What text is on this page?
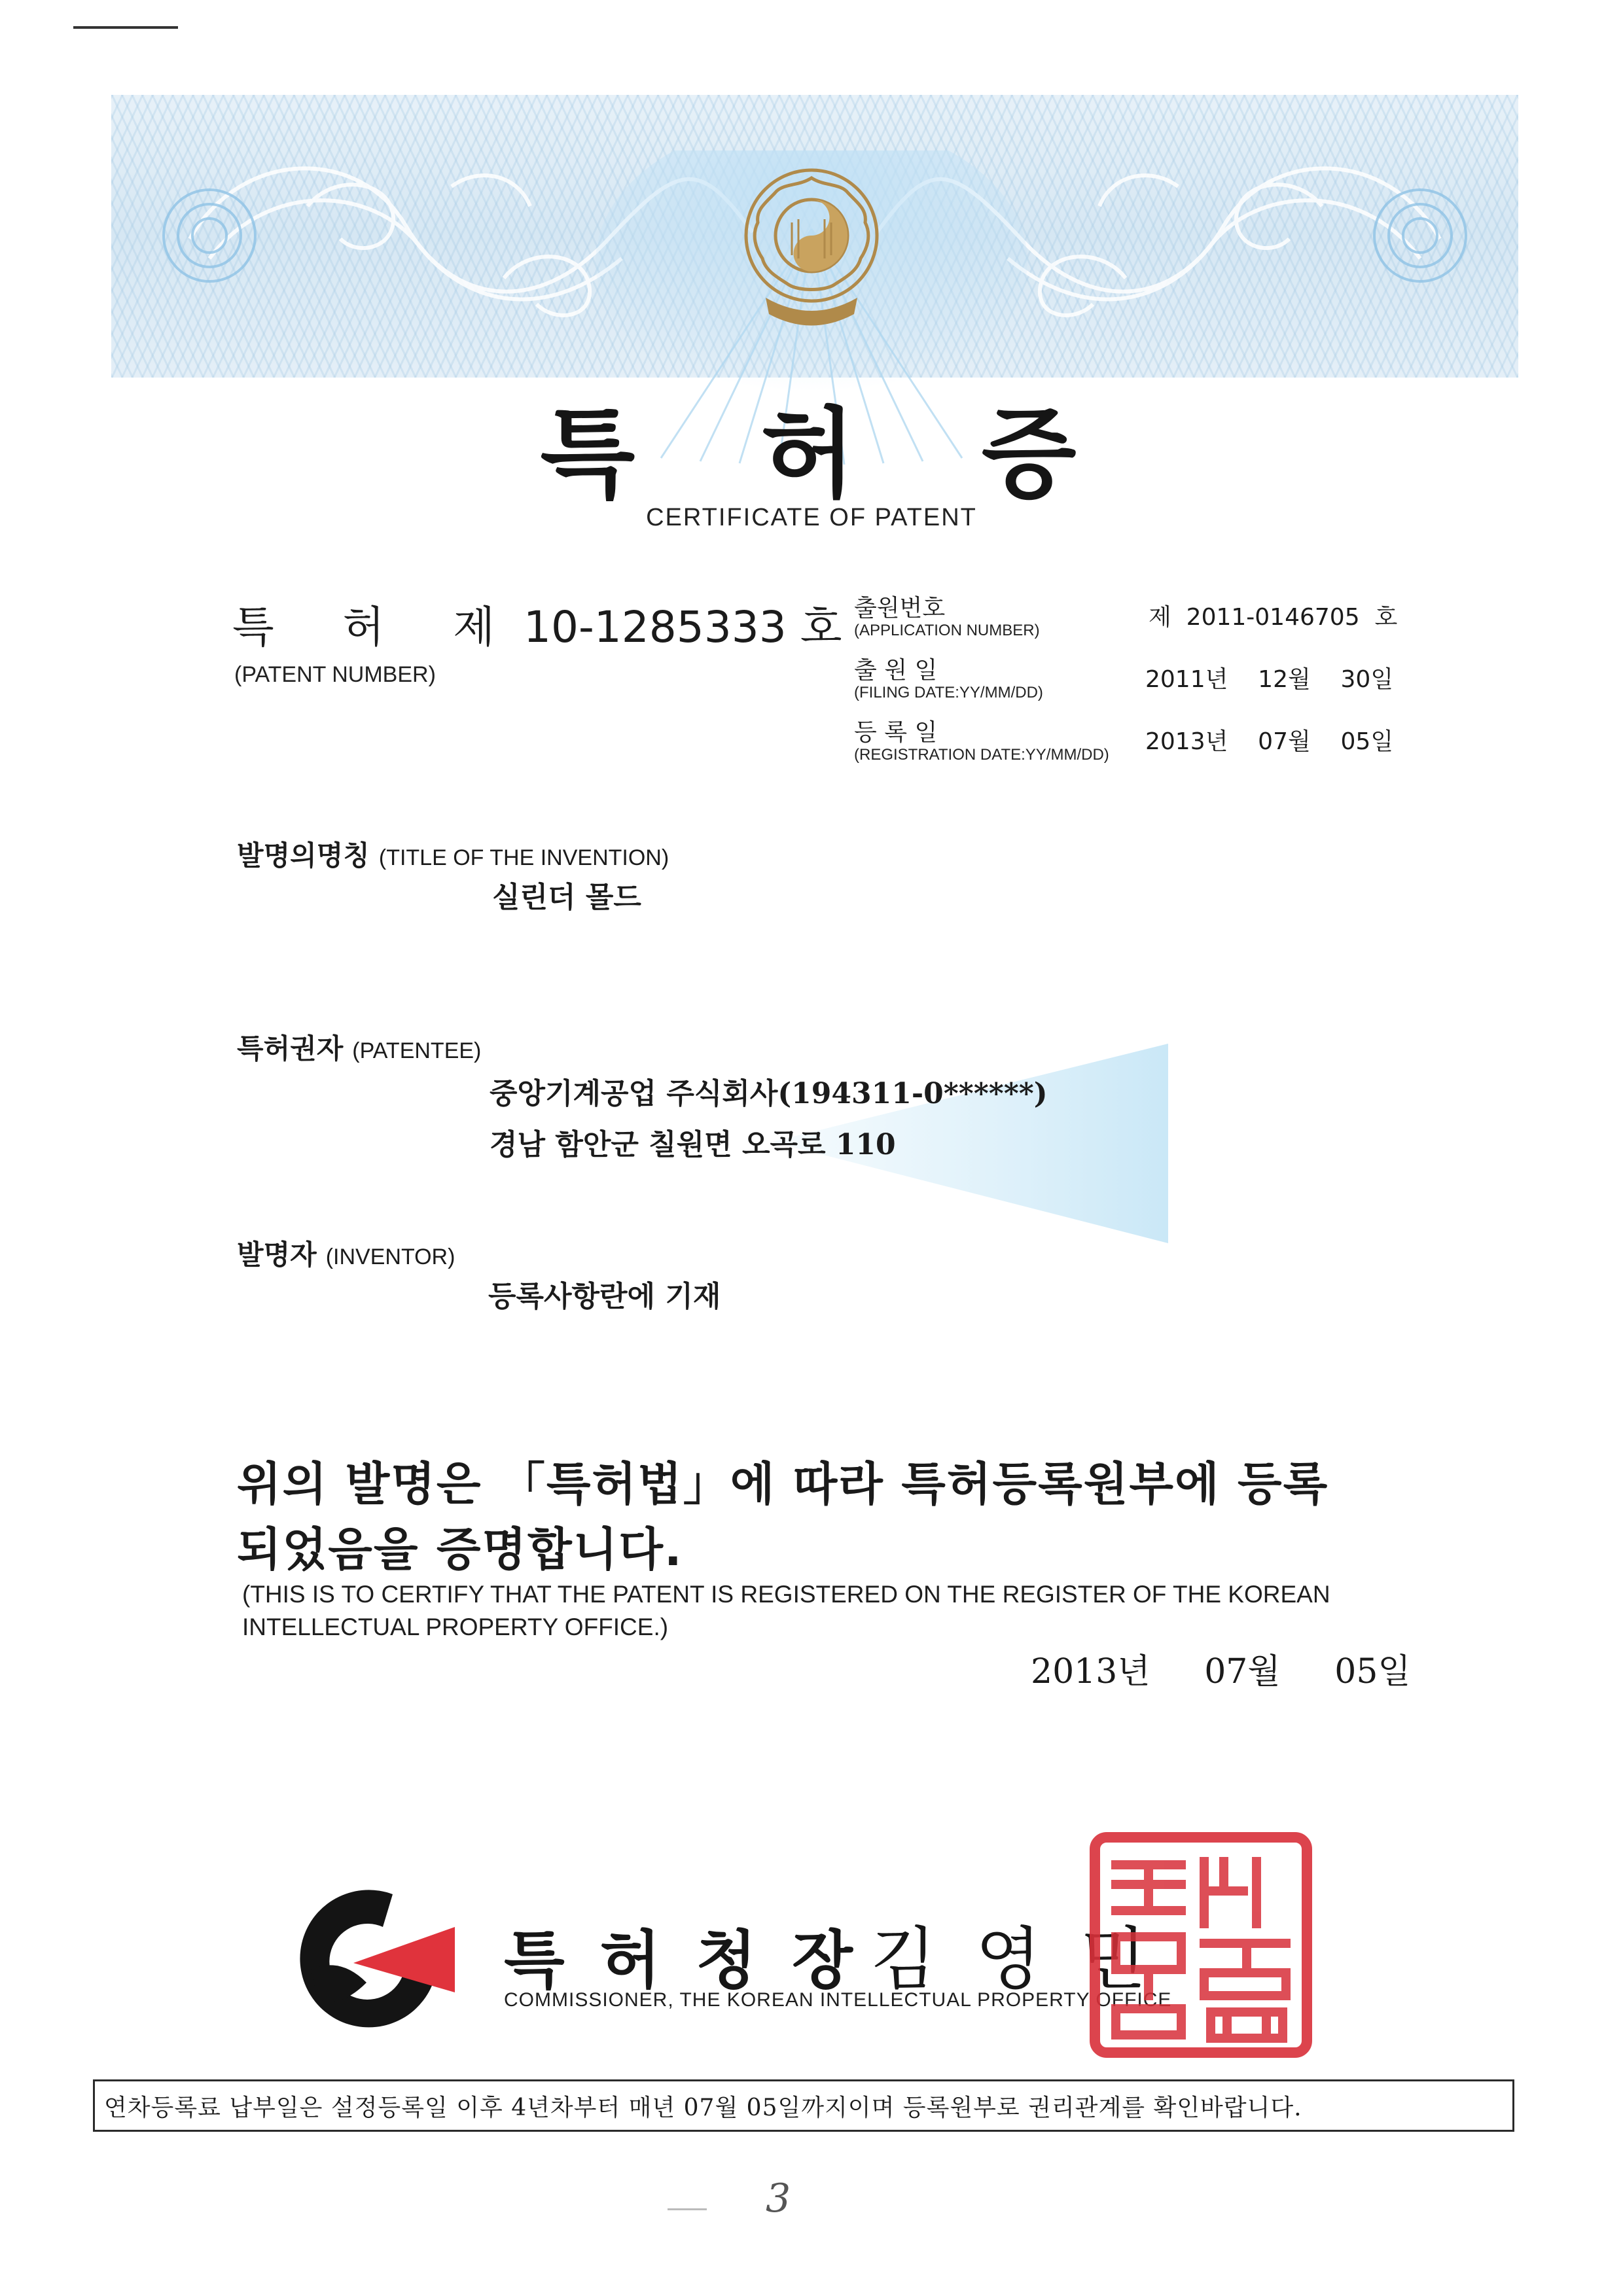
특 허 증
CERTIFICATE OF PATENT
특     허     제 10-1285333 호
(PATENT NUMBER)
출원번호
(APPLICATION NUMBER)	제  2011-0146705  호
출 원 일
(FILING DATE:YY/MM/DD)	2011년    12월    30일
등 록 일
(REGISTRATION DATE:YY/MM/DD) 2013년    07월    05일
발명의명칭 (TITLE OF THE INVENTION)
실린더 몰드
특허권자 (PATENTEE)
중앙기계공업 주식회사(194311-0******)
경남 함안군 칠원면 오곡로 110
발명자 (INVENTOR)
등록사항란에 기재
위의 발명은 「특허법」에 따라 특허등록원부에 등록
되었음을 증명합니다.
(THIS IS TO CERTIFY THAT THE PATENT IS REGISTERED ON THE REGISTER OF THE KOREAN
INTELLECTUAL PROPERTY OFFICE.)
2013년     07월     05일
특허청장
김영민
COMMISSIONER, THE KOREAN INTELLECTUAL PROPERTY OFFICE
특허청장인
연차등록료 납부일은 설정등록일 이후 4년차부터 매년 07월 05일까지이며 등록원부로 권리관계를 확인바랍니다.
3
